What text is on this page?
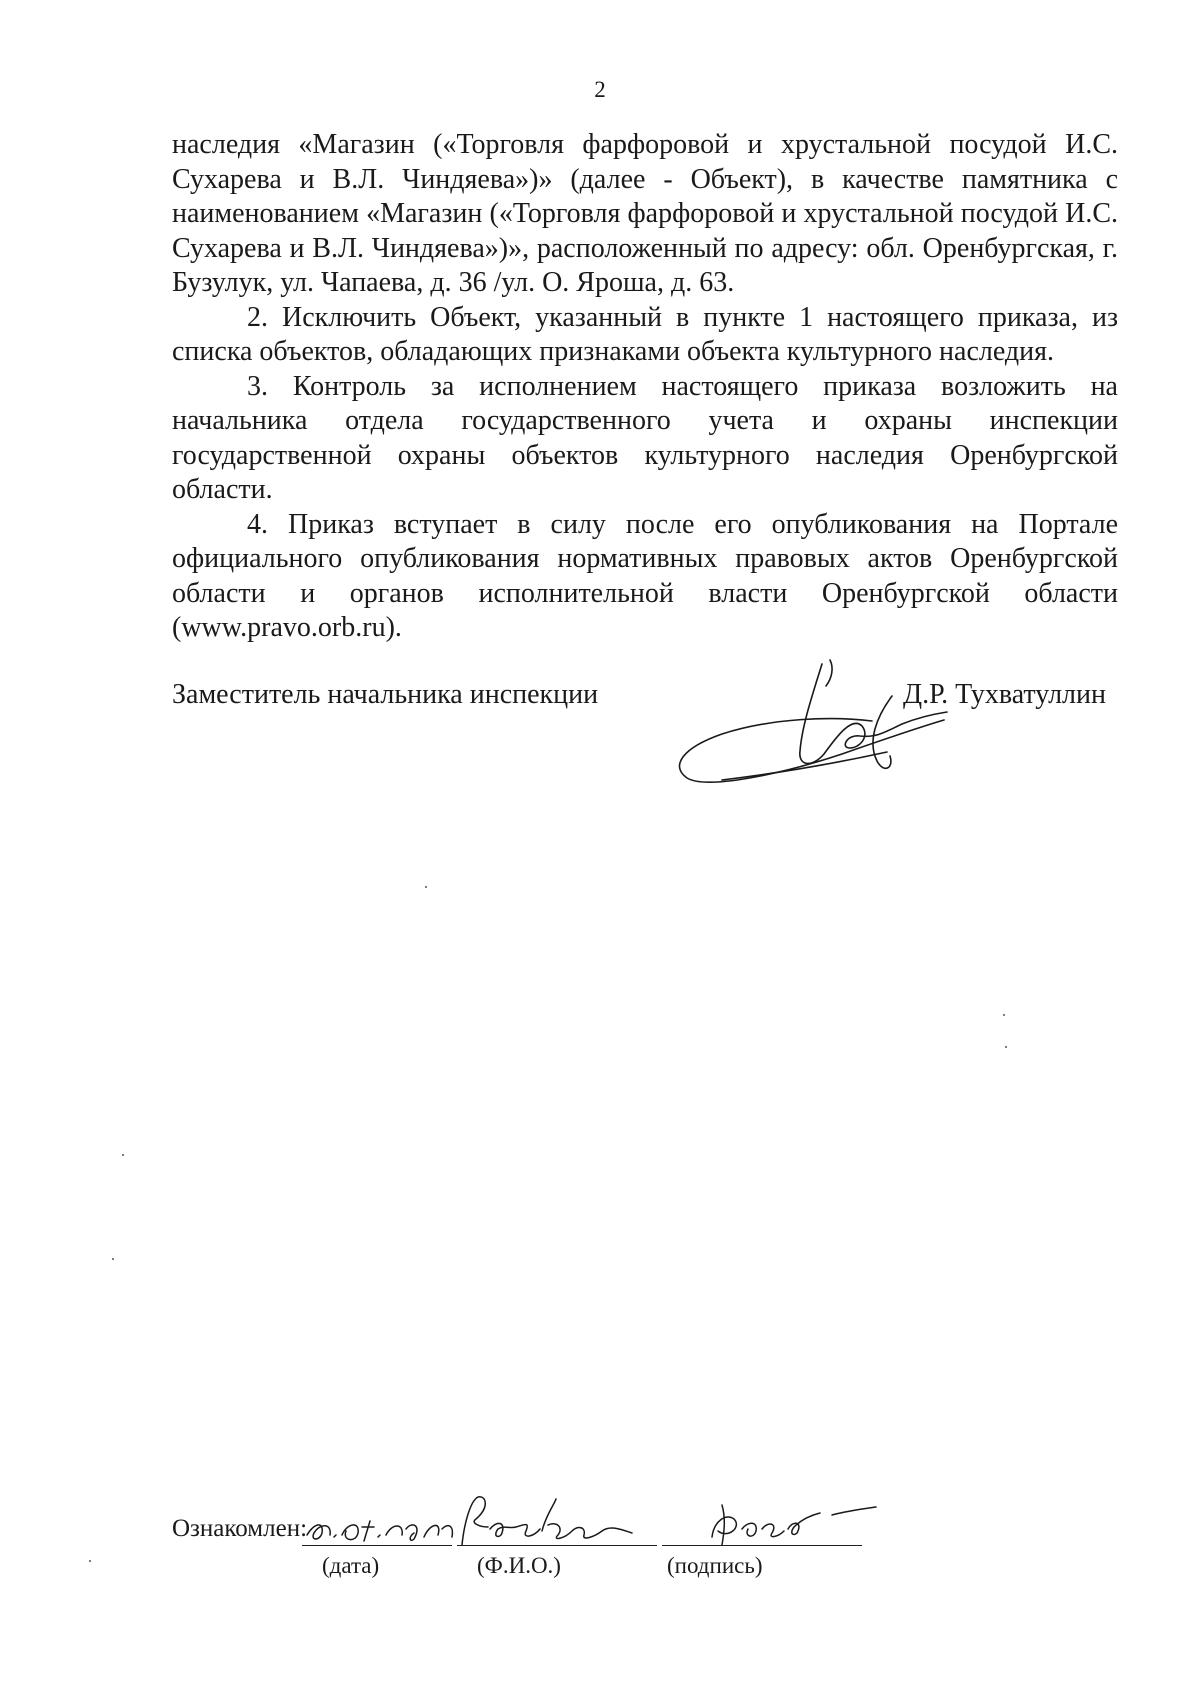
2

наследия «Магазин («Торговля фарфоровой и хрустальной посудой И.С. Сухарева и В.Л. Чиндяева»)» (далее - Объект), в качестве памятника с наименованием «Магазин («Торговля фарфоровой и хрустальной посудой И.С. Сухарева и В.Л. Чиндяева»)», расположенный по адресу: обл. Оренбургская, г. Бузулук, ул. Чапаева, д. 36 /ул. О. Яроша, д. 63.

2. Исключить Объект, указанный в пункте 1 настоящего приказа, из списка объектов, обладающих признаками объекта культурного наследия.

3. Контроль за исполнением настоящего приказа возложить на начальника отдела государственного учета и охраны инспекции государственной охраны объектов культурного наследия Оренбургской области.

4. Приказ вступает в силу после его опубликования на Портале официального опубликования нормативных правовых актов Оренбургской области и органов исполнительной власти Оренбургской области (www.pravo.orb.ru).

Заместитель начальника инспекции	Д.Р. Тухватуллин
Ознакомлен:
(дата)	(Ф.И.О.)	(подпись)
